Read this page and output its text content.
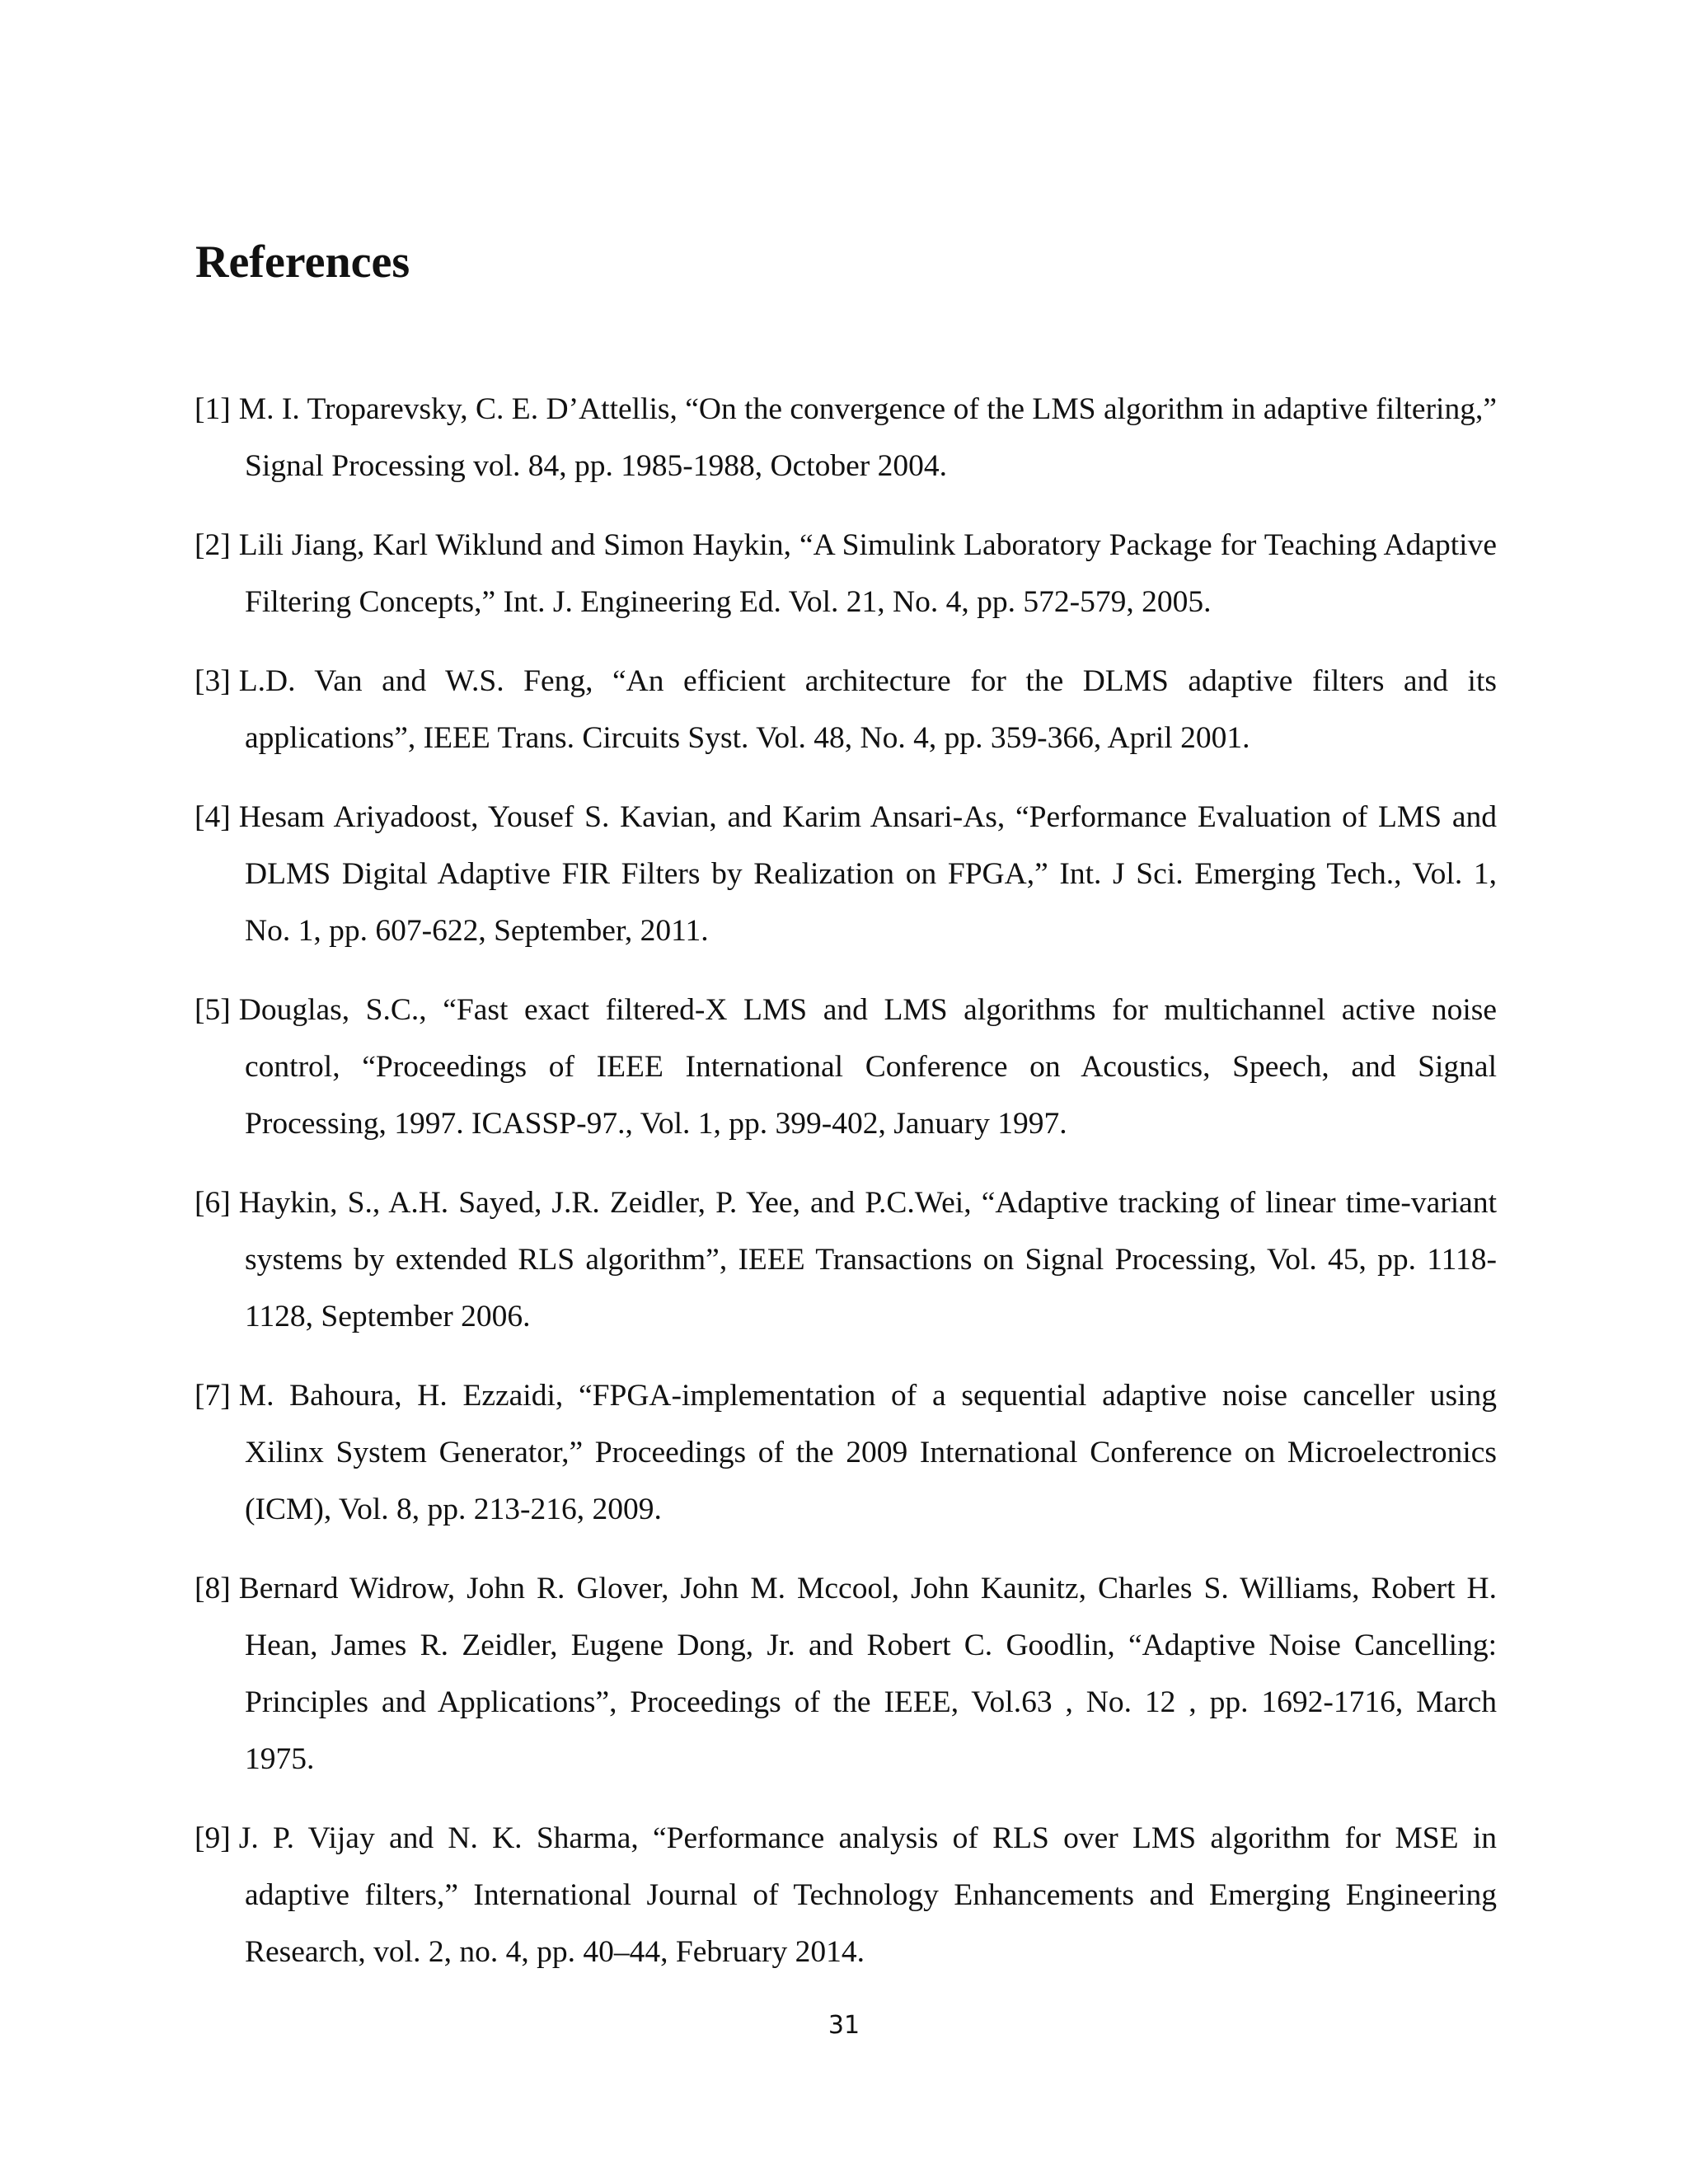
References
[1] M. I. Troparevsky, C. E. D’Attellis, “On the convergence of the LMS algorithm in adaptive filtering,” Signal Processing vol. 84, pp. 1985-1988, October 2004.
[2] Lili Jiang, Karl Wiklund and Simon Haykin, “A Simulink Laboratory Package for Teaching Adaptive Filtering Concepts,” Int. J. Engineering Ed. Vol. 21, No. 4, pp. 572-579, 2005.
[3] L.D. Van and W.S. Feng, “An efficient architecture for the DLMS adaptive filters and its applications”, IEEE Trans. Circuits Syst. Vol. 48, No. 4, pp. 359-366, April 2001.
[4] Hesam Ariyadoost, Yousef S. Kavian, and Karim Ansari-As, “Performance Evaluation of LMS and DLMS Digital Adaptive FIR Filters by Realization on FPGA,” Int. J Sci. Emerging Tech., Vol. 1, No. 1, pp. 607-622, September, 2011.
[5] Douglas, S.C., “Fast exact filtered-X LMS and LMS algorithms for multichannel active noise control, “Proceedings of IEEE International Conference on Acoustics, Speech, and Signal Processing, 1997. ICASSP-97., Vol. 1, pp. 399-402, January 1997.
[6] Haykin, S., A.H. Sayed, J.R. Zeidler, P. Yee, and P.C.Wei, “Adaptive tracking of linear time-variant systems by extended RLS algorithm”, IEEE Transactions on Signal Processing, Vol. 45, pp. 1118-1128, September 2006.
[7] M. Bahoura, H. Ezzaidi, “FPGA-implementation of a sequential adaptive noise canceller using Xilinx System Generator,” Proceedings of the 2009 International Conference on Microelectronics (ICM), Vol. 8, pp. 213-216, 2009.
[8] Bernard Widrow, John R. Glover, John M. Mccool, John Kaunitz, Charles S. Williams, Robert H. Hean, James R. Zeidler, Eugene Dong, Jr. and Robert C. Goodlin, “Adaptive Noise Cancelling: Principles and Applications”, Proceedings of the IEEE, Vol.63 , No. 12 , pp. 1692-1716, March 1975.
[9] J. P. Vijay and N. K. Sharma, “Performance analysis of RLS over LMS algorithm for MSE in adaptive filters,” International Journal of Technology Enhancements and Emerging Engineering Research, vol. 2, no. 4, pp. 40–44, February 2014.
31
